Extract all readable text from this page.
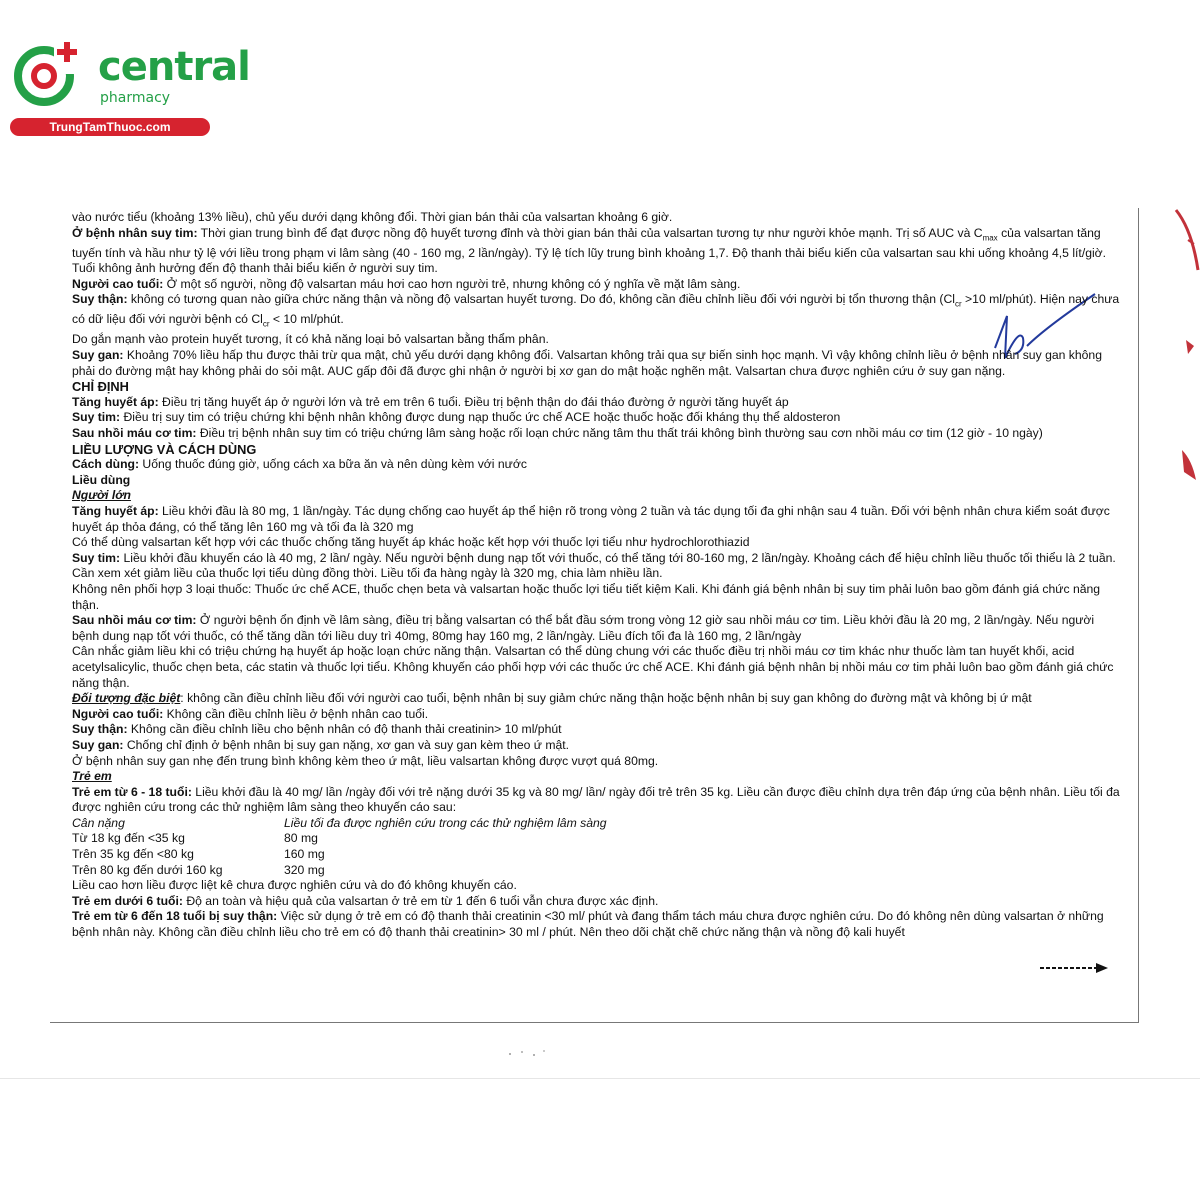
central
pharmacy
TrungTamThuoc.com

vào nước tiểu (khoảng 13% liều), chủ yếu dưới dạng không đổi. Thời gian bán thải của valsartan khoảng 6 giờ.

Ở bệnh nhân suy tim: Thời gian trung bình để đạt được nồng độ huyết tương đỉnh và thời gian bán thải của valsartan tương tự như người khỏe mạnh. Trị số AUC và $C_{max}$ của valsartan tăng tuyến tính và hầu như tỷ lệ với liều trong phạm vi lâm sàng (40 - 160 mg, 2 lần/ngày). Tỷ lệ tích lũy trung bình khoảng 1,7. Độ thanh thải biểu kiến của valsartan sau khi uống khoảng 4,5 lít/giờ. Tuổi không ảnh hưởng đến độ thanh thải biểu kiến ở người suy tim.

Người cao tuổi: Ở một số người, nồng độ valsartan máu hơi cao hơn người trẻ, nhưng không có ý nghĩa về mặt lâm sàng.

Suy thận: không có tương quan nào giữa chức năng thận và nồng độ valsartan huyết tương. Do đó, không cần điều chỉnh liều đối với người bị tổn thương thận ($Cl_{cr} >10$ ml/phút). Hiện nay chưa có dữ liệu đối với người bệnh có $Cl_{cr} < 10$ ml/phút.

Do gắn mạnh vào protein huyết tương, ít có khả năng loại bỏ valsartan bằng thẩm phân.

Suy gan: Khoảng 70% liều hấp thu được thải trừ qua mật, chủ yếu dưới dạng không đổi. Valsartan không trải qua sự biến sinh học mạnh. Vì vậy không chỉnh liều ở bệnh nhân suy gan không phải do đường mật hay không phải do sỏi mật. AUC gấp đôi đã được ghi nhận ở người bị xơ gan do mật hoặc nghẽn mật. Valsartan chưa được nghiên cứu ở suy gan nặng.

CHỈ ĐỊNH

Tăng huyết áp: Điều trị tăng huyết áp ở người lớn và trẻ em trên 6 tuổi. Điều trị bệnh thận do đái tháo đường ở người tăng huyết áp

Suy tim: Điều trị suy tim có triệu chứng khi bệnh nhân không được dung nạp thuốc ức chế ACE hoặc thuốc hoặc đối kháng thụ thể aldosteron

Sau nhồi máu cơ tim: Điều trị bệnh nhân suy tim có triệu chứng lâm sàng hoặc rối loạn chức năng tâm thu thất trái không bình thường sau cơn nhồi máu cơ tim (12 giờ - 10 ngày)

LIỀU LƯỢNG VÀ CÁCH DÙNG

Cách dùng: Uống thuốc đúng giờ, uống cách xa bữa ăn và nên dùng kèm với nước

Liều dùng

Người lớn

Tăng huyết áp: Liều khởi đầu là 80 mg, 1 lần/ngày. Tác dụng chống cao huyết áp thể hiện rõ trong vòng 2 tuần và tác dụng tối đa ghi nhận sau 4 tuần. Đối với bệnh nhân chưa kiểm soát được huyết áp thỏa đáng, có thể tăng lên 160 mg và tối đa là 320 mg

Có thể dùng valsartan kết hợp với các thuốc chống tăng huyết áp khác hoặc kết hợp với thuốc lợi tiểu như hydrochlorothiazid

Suy tim: Liều khởi đầu khuyến cáo là 40 mg, 2 lần/ ngày. Nếu người bệnh dung nạp tốt với thuốc, có thể tăng tới 80-160 mg, 2 lần/ngày. Khoảng cách để hiệu chỉnh liều thuốc tối thiểu là 2 tuần. Cần xem xét giảm liều của thuốc lợi tiểu dùng đồng thời. Liều tối đa hàng ngày là 320 mg, chia làm nhiều lần.

Không nên phối hợp 3 loại thuốc: Thuốc ức chế ACE, thuốc chẹn beta và valsartan hoặc thuốc lợi tiểu tiết kiệm Kali. Khi đánh giá bệnh nhân bị suy tim phải luôn bao gồm đánh giá chức năng thận.

Sau nhồi máu cơ tim: Ở người bệnh ổn định về lâm sàng, điều trị bằng valsartan có thể bắt đầu sớm trong vòng 12 giờ sau nhồi máu cơ tim. Liều khởi đầu là 20 mg, 2 lần/ngày. Nếu người bệnh dung nạp tốt với thuốc, có thể tăng dần tới liều duy trì 40mg, 80mg hay 160 mg, 2 lần/ngày. Liều đích tối đa là 160 mg, 2 lần/ngày

Cân nhắc giảm liều khi có triệu chứng hạ huyết áp hoặc loạn chức năng thận. Valsartan có thể dùng chung với các thuốc điều trị nhồi máu cơ tim khác như thuốc làm tan huyết khối, acid acetylsalicylic, thuốc chẹn beta, các statin và thuốc lợi tiểu. Không khuyến cáo phối hợp với các thuốc ức chế ACE. Khi đánh giá bệnh nhân bị nhồi máu cơ tim phải luôn bao gồm đánh giá chức năng thận.

Đối tượng đặc biệt: không cần điều chỉnh liều đối với người cao tuổi, bệnh nhân bị suy giảm chức năng thận hoặc bệnh nhân bị suy gan không do đường mật và không bị ứ mật

Người cao tuổi: Không cần điều chỉnh liều ở bệnh nhân cao tuổi.

Suy thận: Không cần điều chỉnh liều cho bệnh nhân có độ thanh thải creatinin> 10 ml/phút

Suy gan: Chống chỉ định ở bệnh nhân bị suy gan nặng, xơ gan và suy gan kèm theo ứ mật.

Ở bệnh nhân suy gan nhẹ đến trung bình không kèm theo ứ mật, liều valsartan không được vượt quá 80mg.

Trẻ em

Trẻ em từ 6 - 18 tuổi: Liều khởi đầu là 40 mg/ lần /ngày đối với trẻ nặng dưới 35 kg và 80 mg/ lần/ ngày đối trẻ trên 35 kg. Liều cần được điều chỉnh dựa trên đáp ứng của bệnh nhân. Liều tối đa được nghiên cứu trong các thử nghiệm lâm sàng theo khuyến cáo sau:

Cân nặng	Liều tối đa được nghiên cứu trong các thử nghiệm lâm sàng
Từ 18 kg đến <35 kg	80 mg
Trên 35 kg đến <80 kg	160 mg
Trên 80 kg đến dưới 160 kg	320 mg

Liều cao hơn liều được liệt kê chưa được nghiên cứu và do đó không khuyến cáo.

Trẻ em dưới 6 tuổi: Độ an toàn và hiệu quả của valsartan ở trẻ em từ 1 đến 6 tuổi vẫn chưa được xác định.

Trẻ em từ 6 đến 18 tuổi bị suy thận: Việc sử dụng ở trẻ em có độ thanh thải creatinin <30 ml/ phút và đang thẩm tách máu chưa được nghiên cứu. Do đó không nên dùng valsartan ở những bệnh nhân này. Không cần điều chỉnh liều cho trẻ em có độ thanh thải creatinin> 30 ml / phút. Nên theo dõi chặt chẽ chức năng thận và nồng độ kali huyết
